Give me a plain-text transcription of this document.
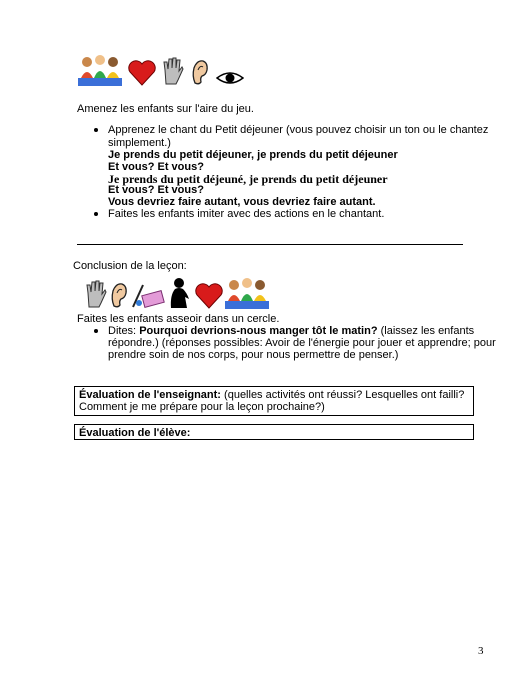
Amenez les enfants sur l'aire du jeu.
Apprenez le chant du Petit déjeuner (vous pouvez choisir un ton ou le chantez
simplement.)
Je prends du petit déjeuner, je prends du petit déjeuner
Et vous? Et vous?
Je prends du petit déjeuné, je prends du petit déjeuner
Et vous? Et vous?
Vous devriez faire autant, vous devriez faire autant.
Faites les enfants imiter avec des actions en le chantant.
Conclusion de la leçon:
Faites les enfants asseoir dans un cercle.
Dites: Pourquoi devrions-nous manger tôt le matin? (laissez les enfants
répondre.) (réponses possibles: Avoir de l'énergie pour jouer et apprendre; pour
prendre soin de nos corps, pour nous permettre de penser.)
Évaluation de l'enseignant: (quelles activités ont réussi? Lesquelles ont failli?
Comment je me prépare pour la leçon prochaine?)
Évaluation de l'élève:
3
